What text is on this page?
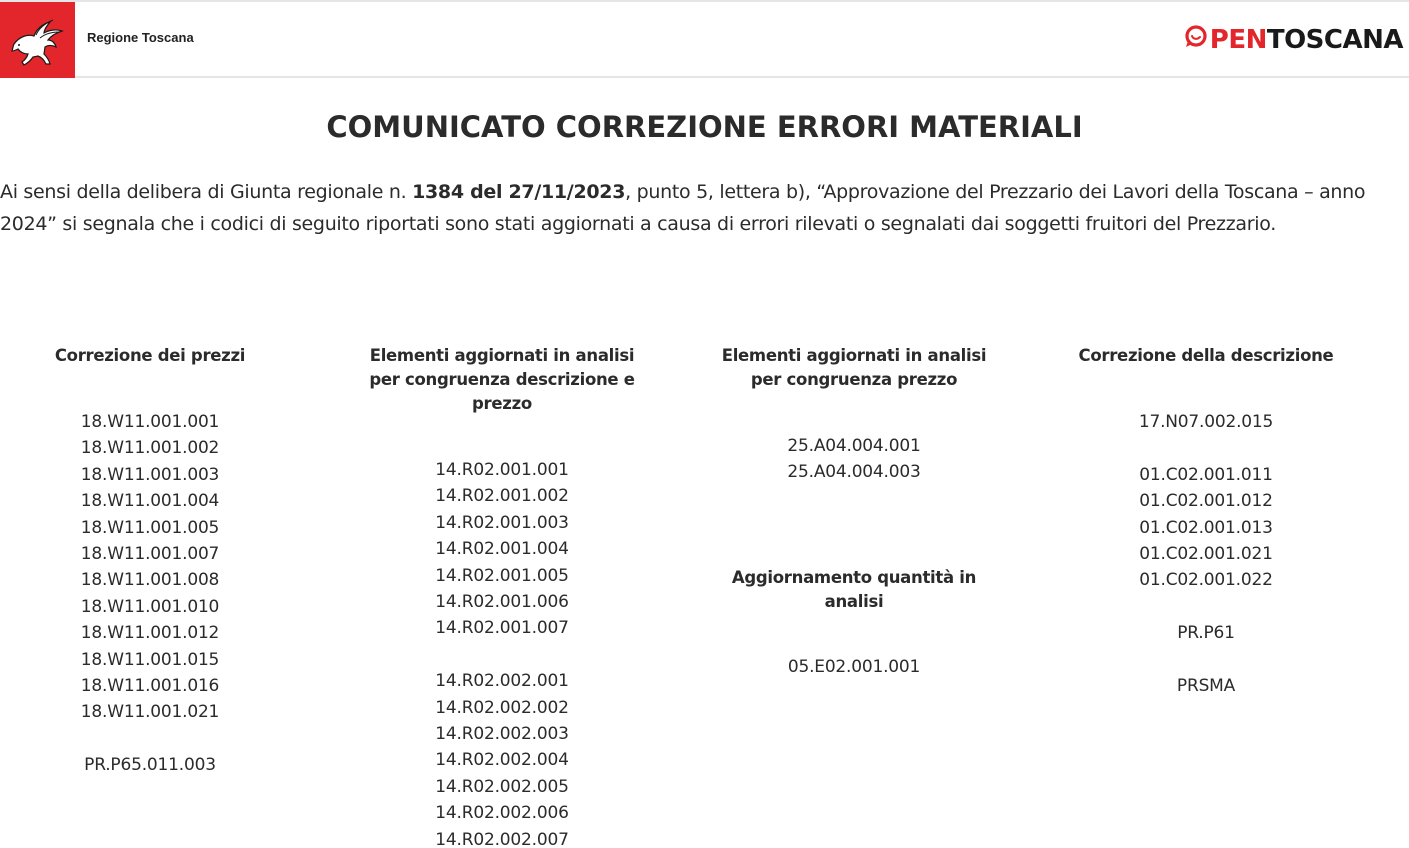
Regione Toscana	PEN TOSCANA
COMUNICATO CORREZIONE ERRORI MATERIALI

Ai sensi della delibera di Giunta regionale n. 1384 del 27/11/2023, punto 5, lettera b), “Approvazione del Prezzario dei Lavori della Toscana – anno 2024” si segnala che i codici di seguito riportati sono stati aggiornati a causa di errori rilevati o segnalati dai soggetti fruitori del Prezzario.

Correzione dei prezzi
18.W11.001.001
18.W11.001.002
18.W11.001.003
18.W11.001.004
18.W11.001.005
18.W11.001.007
18.W11.001.008
18.W11.001.010
18.W11.001.012
18.W11.001.015
18.W11.001.016
18.W11.001.021
PR.P65.011.003
Elementi aggiornati in analisi per congruenza descrizione e prezzo
14.R02.001.001
14.R02.001.002
14.R02.001.003
14.R02.001.004
14.R02.001.005
14.R02.001.006
14.R02.001.007
14.R02.002.001
14.R02.002.002
14.R02.002.003
14.R02.002.004
14.R02.002.005
14.R02.002.006
14.R02.002.007
Elementi aggiornati in analisi per congruenza prezzo
25.A04.004.001
25.A04.004.003
Aggiornamento quantità in analisi
05.E02.001.001
Correzione della descrizione
17.N07.002.015
01.C02.001.011
01.C02.001.012
01.C02.001.013
01.C02.001.021
01.C02.001.022
PR.P61
PRSMA
